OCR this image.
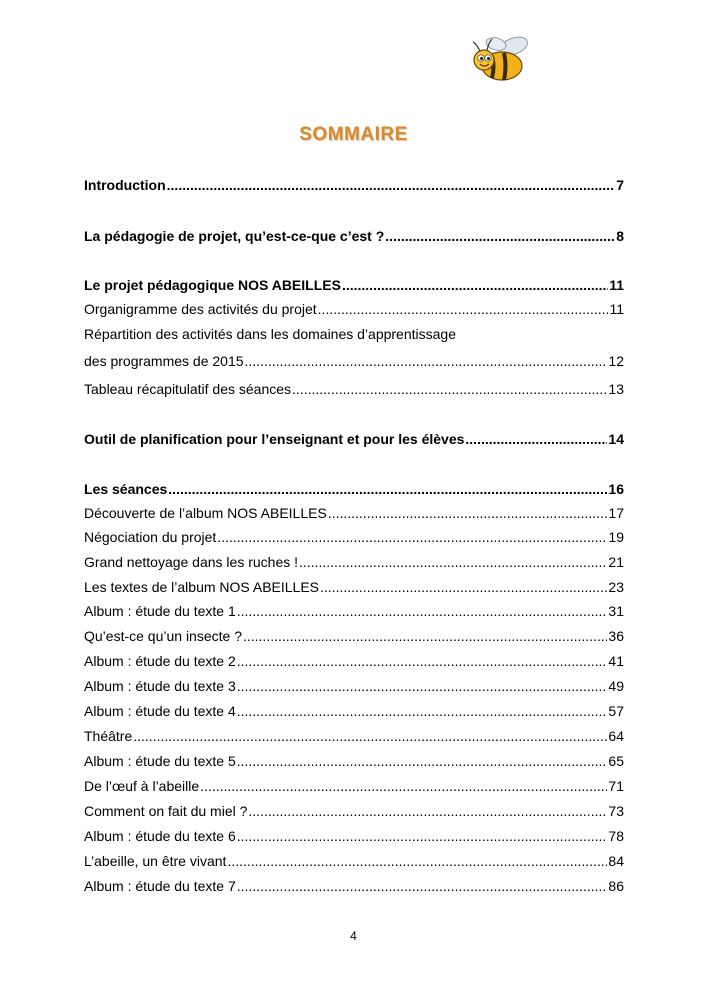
SOMMAIRE
Introduction .....	7
La pédagogie de projet, qu’est-ce-que c’est ? .....	8
Le projet pédagogique NOS ABEILLES .....	11
Organigramme des activités du projet .....	11
Répartition des activités dans les domaines d’apprentissage
des programmes de 2015 .....	12
Tableau récapitulatif des séances .....	13
Outil de planification pour l’enseignant et pour les élèves .....	14
Les séances .....	16
Découverte de l’album NOS ABEILLES .....	17
Négociation du projet .....	19
Grand nettoyage dans les ruches ! .....	21
Les textes de l’album NOS ABEILLES .....	23
Album : étude du texte 1 .....	31
Qu’est-ce qu’un insecte ? .....	36
Album : étude du texte 2 .....	41
Album : étude du texte 3 .....	49
Album : étude du texte 4 .....	57
Théâtre .....	64
Album : étude du texte 5 .....	65
De l’œuf à l’abeille .....	71
Comment on fait du miel ? .....	73
Album : étude du texte 6 .....	78
L’abeille, un être vivant .....	84
Album : étude du texte 7 .....	86
4
